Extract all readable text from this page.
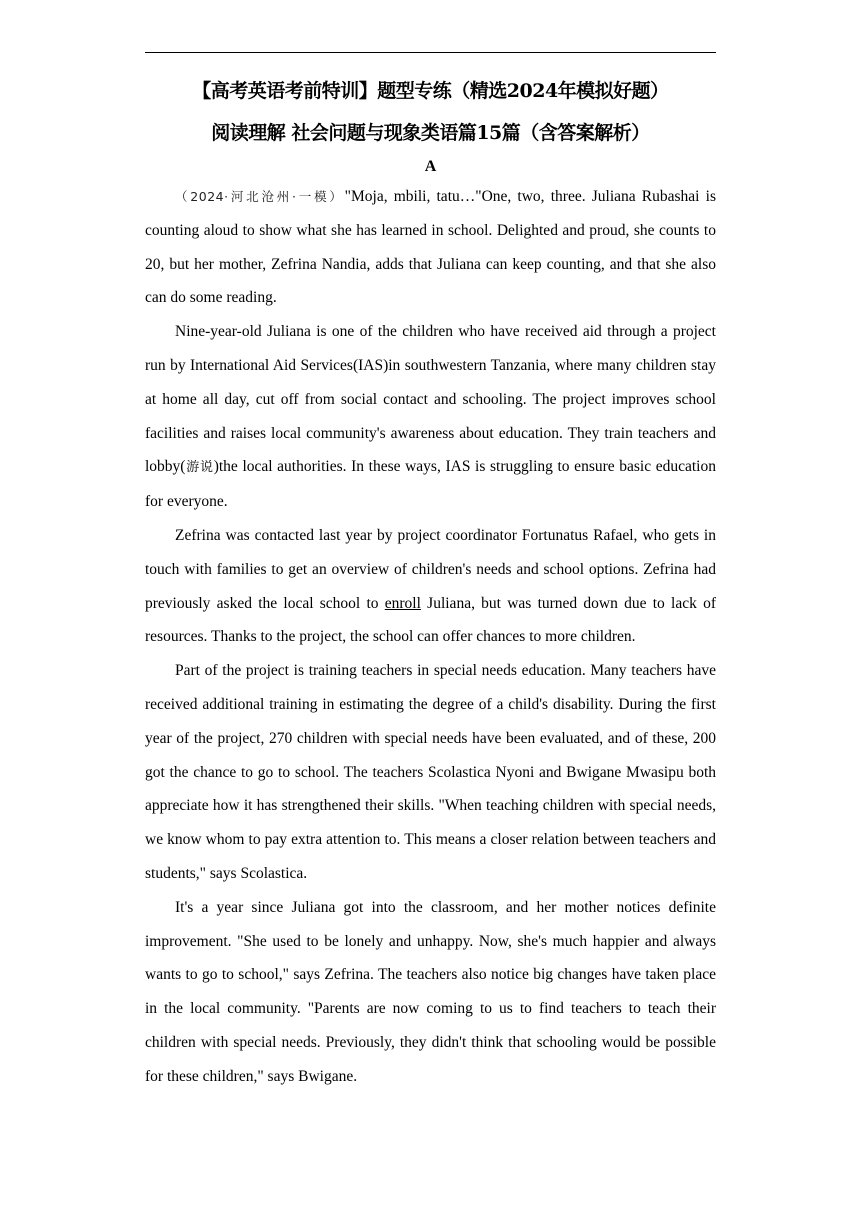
【高考英语考前特训】题型专练（精选2024年模拟好题）
阅读理解 社会问题与现象类语篇15篇（含答案解析）
A

（2024·河北沧州·一模）"Moja, mbili, tatu…"One, two, three. Juliana Rubashai is counting aloud to show what she has learned in school. Delighted and proud, she counts to 20, but her mother, Zefrina Nandia, adds that Juliana can keep counting, and that she also can do some reading.

Nine-year-old Juliana is one of the children who have received aid through a project run by International Aid Services(IAS)in southwestern Tanzania, where many children stay at home all day, cut off from social contact and schooling. The project improves school facilities and raises local community's awareness about education. They train teachers and lobby(游说)the local authorities. In these ways, IAS is struggling to ensure basic education for everyone.

Zefrina was contacted last year by project coordinator Fortunatus Rafael, who gets in touch with families to get an overview of children's needs and school options. Zefrina had previously asked the local school to enroll Juliana, but was turned down due to lack of resources. Thanks to the project, the school can offer chances to more children.

Part of the project is training teachers in special needs education. Many teachers have received additional training in estimating the degree of a child's disability. During the first year of the project, 270 children with special needs have been evaluated, and of these, 200 got the chance to go to school. The teachers Scolastica Nyoni and Bwigane Mwasipu both appreciate how it has strengthened their skills. "When teaching children with special needs, we know whom to pay extra attention to. This means a closer relation between teachers and students," says Scolastica.

It's a year since Juliana got into the classroom, and her mother notices definite improvement. "She used to be lonely and unhappy. Now, she's much happier and always wants to go to school," says Zefrina. The teachers also notice big changes have taken place in the local community. "Parents are now coming to us to find teachers to teach their children with special needs. Previously, they didn't think that schooling would be possible for these children," says Bwigane.
